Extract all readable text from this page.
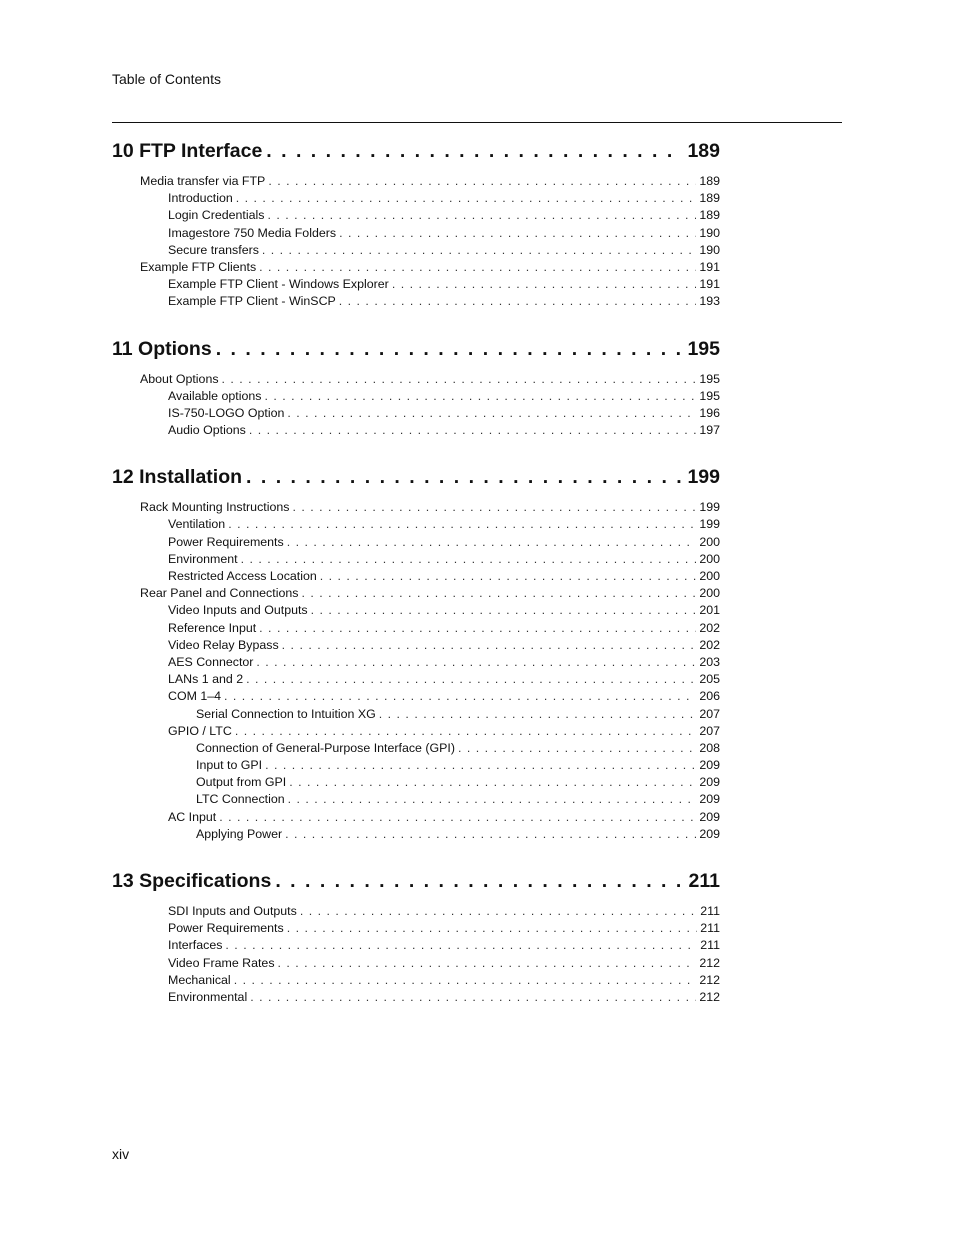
Table of Contents
10 FTP Interface . . .	189
Media transfer via FTP . . .	189
Introduction . . .	189
Login Credentials . . .	189
Imagestore 750 Media Folders . . .	190
Secure transfers . . .	190
Example FTP Clients . . .	191
Example FTP Client - Windows Explorer . . .	191
Example FTP Client - WinSCP . . .	193
11 Options . . .	195
About Options . . .	195
Available options . . .	195
IS-750-LOGO Option . . .	196
Audio Options . . .	197
12 Installation . . .	199
Rack Mounting Instructions . . .	199
Ventilation . . .	199
Power Requirements . . .	200
Environment . . .	200
Restricted Access Location . . .	200
Rear Panel and Connections . . .	200
Video Inputs and Outputs . . .	201
Reference Input . . .	202
Video Relay Bypass . . .	202
AES Connector . . .	203
LANs 1 and 2 . . .	205
COM 1–4 . . .	206
Serial Connection to Intuition XG . . .	207
GPIO / LTC . . .	207
Connection of General-Purpose Interface (GPI) . . .	208
Input to GPI . . .	209
Output from GPI . . .	209
LTC Connection . . .	209
AC Input . . .	209
Applying Power . . .	209
13 Specifications . . .	211
SDI Inputs and Outputs . . .	211
Power Requirements . . .	211
Interfaces . . .	211
Video Frame Rates . . .	212
Mechanical . . .	212
Environmental . . .	212
xiv
